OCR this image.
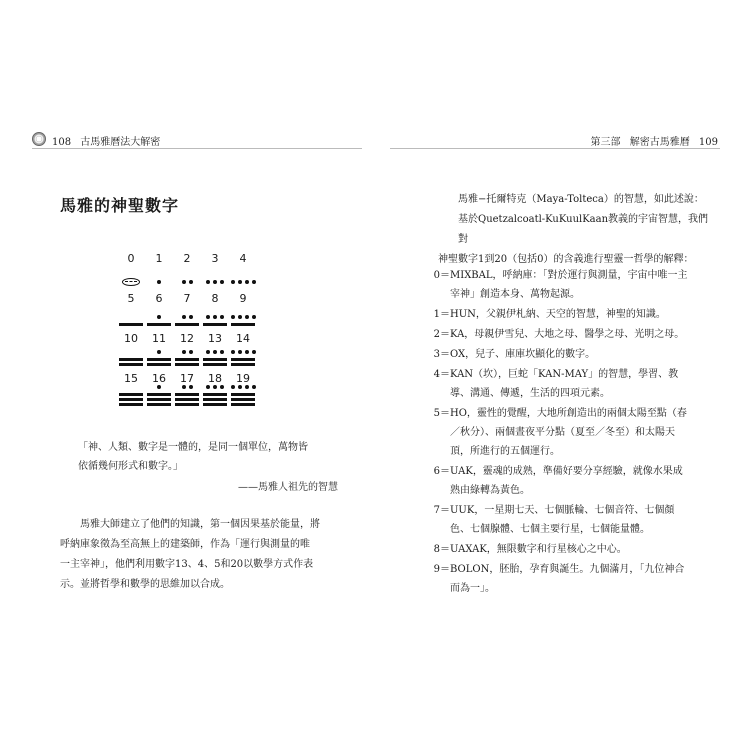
108 古馬雅曆法大解密
馬雅的神聖數字
0	1	2	3	4
5	6	7	8	9
10	11	12	13	14
15	16	17	18	19
「神、人類、數字是一體的，是同一個單位，萬物皆
依循幾何形式和數字。」
——馬雅人祖先的智慧
馬雅大師建立了他們的知識，第一個因果基於能量，將
呼納庫象徵為至高無上的建築師，作為「運行與測量的唯
一主宰神」，他們利用數字13、4、5和20以數學方式作表
示。並將哲學和數學的思維加以合成。
第三部 解密古馬雅曆 109
馬雅−托爾特克（Maya-Tolteca）的智慧，如此述說：
基於Quetzalcoatl-KuKuulKaan教義的宇宙智慧，我們對
神聖數字1到20（包括0）的含義進行聖靈一哲學的解釋：
0＝ MIXBAL，呼納庫：「對於運行與測量，宇宙中唯一主
宰神」創造本身、萬物起源。
1＝ HUN，父親伊札納、天空的智慧，神聖的知識。
2＝ KA，母親伊雪兒、大地之母、醫學之母、光明之母。
3＝ OX，兒子、庫庫坎顯化的數字。
4＝ KAN（坎），巨蛇「KAN-MAY」的智慧，學習、教
導、溝通、傳遞，生活的四項元素。
5＝ HO，靈性的覺醒，大地所創造出的兩個太陽至點（春
／秋分）、兩個晝夜平分點（夏至／冬至）和太陽天
頂，所進行的五個運行。
6＝ UAK，靈魂的成熟，準備好要分享經驗，就像水果成
熟由綠轉為黃色。
7＝ UUK，一星期七天、七個脈輪、七個音符、七個顏
色、七個腺體、七個主要行星，七個能量體。
8＝ UAXAK，無限數字和行星核心之中心。
9＝ BOLON，胚胎，孕育與誕生。九個滿月，「九位神合
而為一」。
